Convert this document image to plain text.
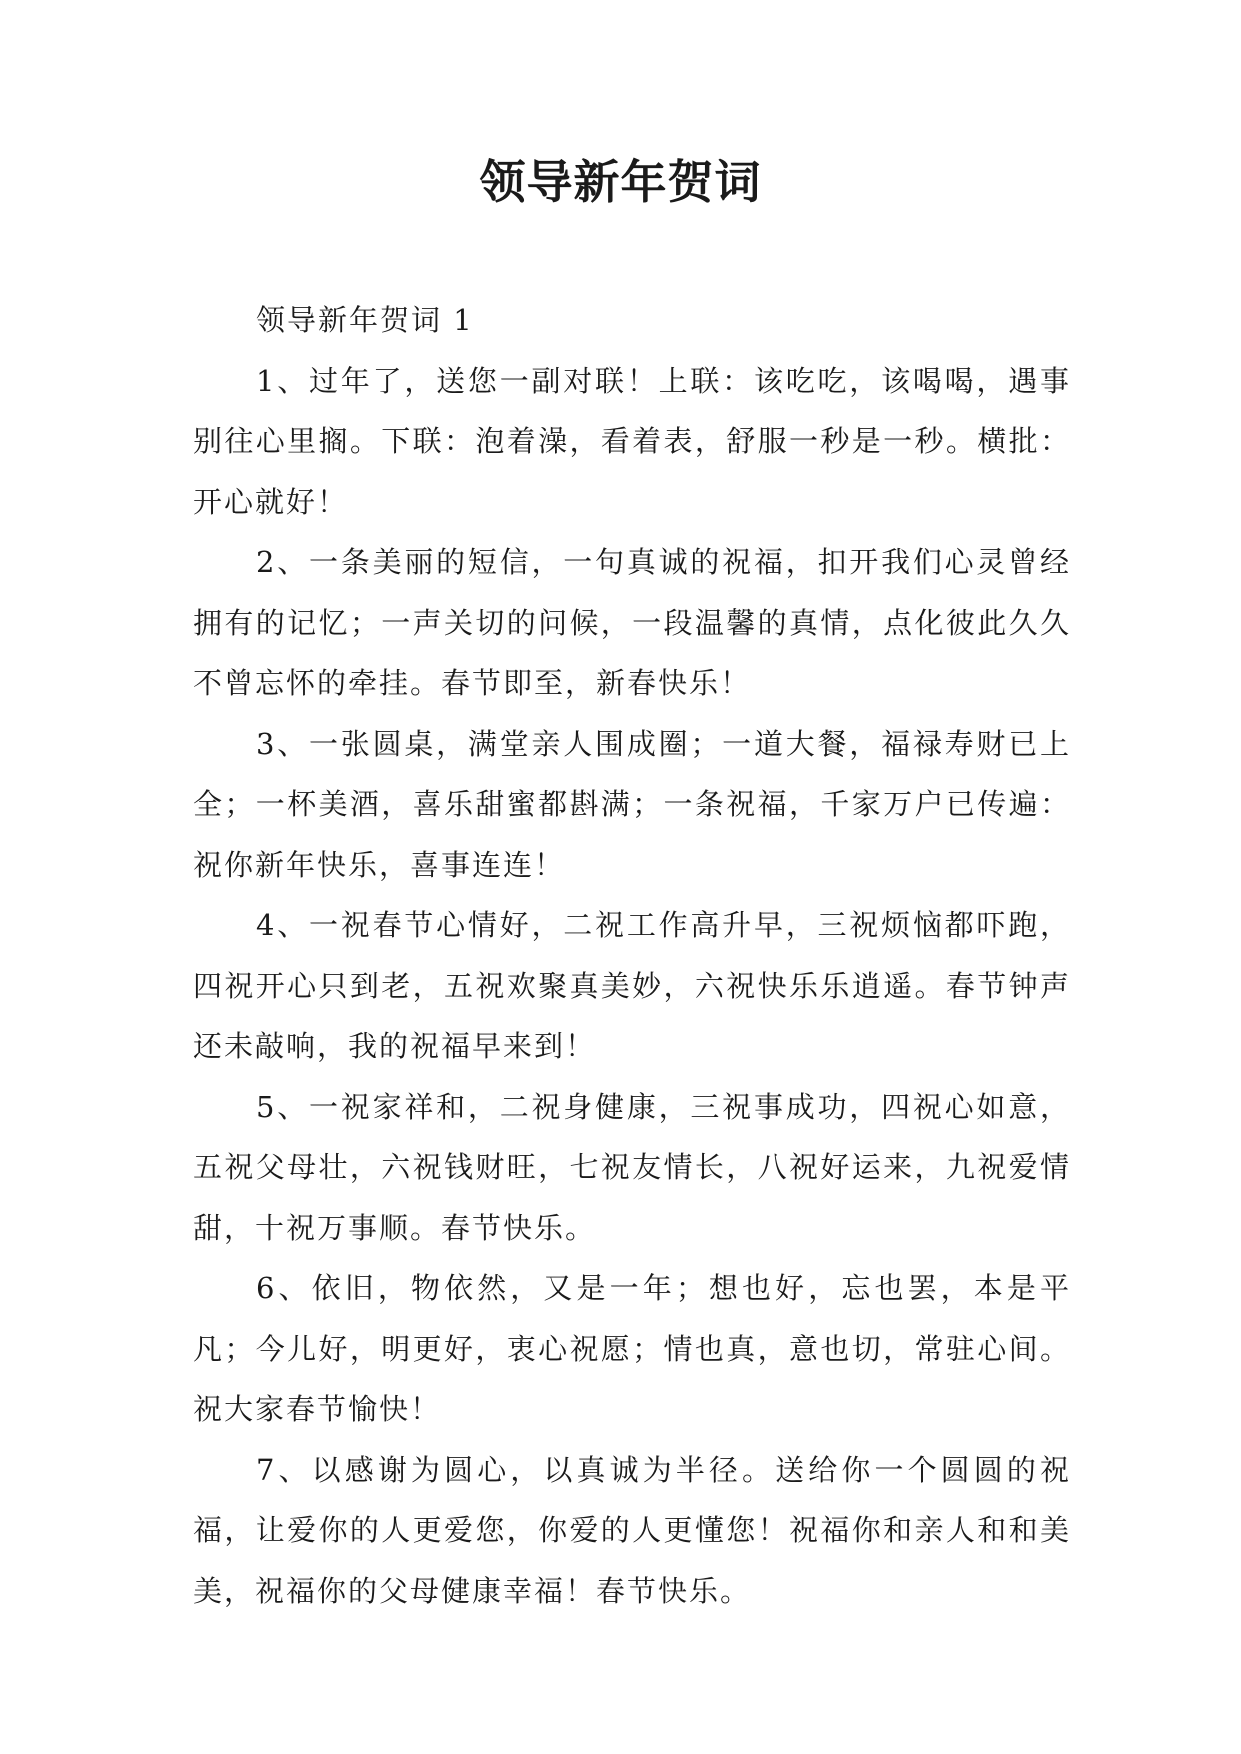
领导新年贺词

领导新年贺词 1

1、过年了，送您一副对联！上联：该吃吃，该喝喝，遇事别往心里搁。下联：泡着澡，看着表，舒服一秒是一秒。横批：开心就好！

2、一条美丽的短信，一句真诚的祝福，扣开我们心灵曾经拥有的记忆；一声关切的问候，一段温馨的真情，点化彼此久久不曾忘怀的牵挂。春节即至，新春快乐！

3、一张圆桌，满堂亲人围成圈；一道大餐，福禄寿财已上全；一杯美酒，喜乐甜蜜都斟满；一条祝福，千家万户已传遍：祝你新年快乐，喜事连连！

4、一祝春节心情好，二祝工作高升早，三祝烦恼都吓跑，四祝开心只到老，五祝欢聚真美妙，六祝快乐乐逍遥。春节钟声还未敲响，我的祝福早来到！

5、一祝家祥和，二祝身健康，三祝事成功，四祝心如意，五祝父母壮，六祝钱财旺，七祝友情长，八祝好运来，九祝爱情甜，十祝万事顺。春节快乐。

6、依旧，物依然，又是一年；想也好，忘也罢，本是平凡；今儿好，明更好，衷心祝愿；情也真，意也切，常驻心间。祝大家春节愉快！

7、以感谢为圆心，以真诚为半径。送给你一个圆圆的祝福，让爱你的人更爱您，你爱的人更懂您！祝福你和亲人和和美美，祝福你的父母健康幸福！春节快乐。
